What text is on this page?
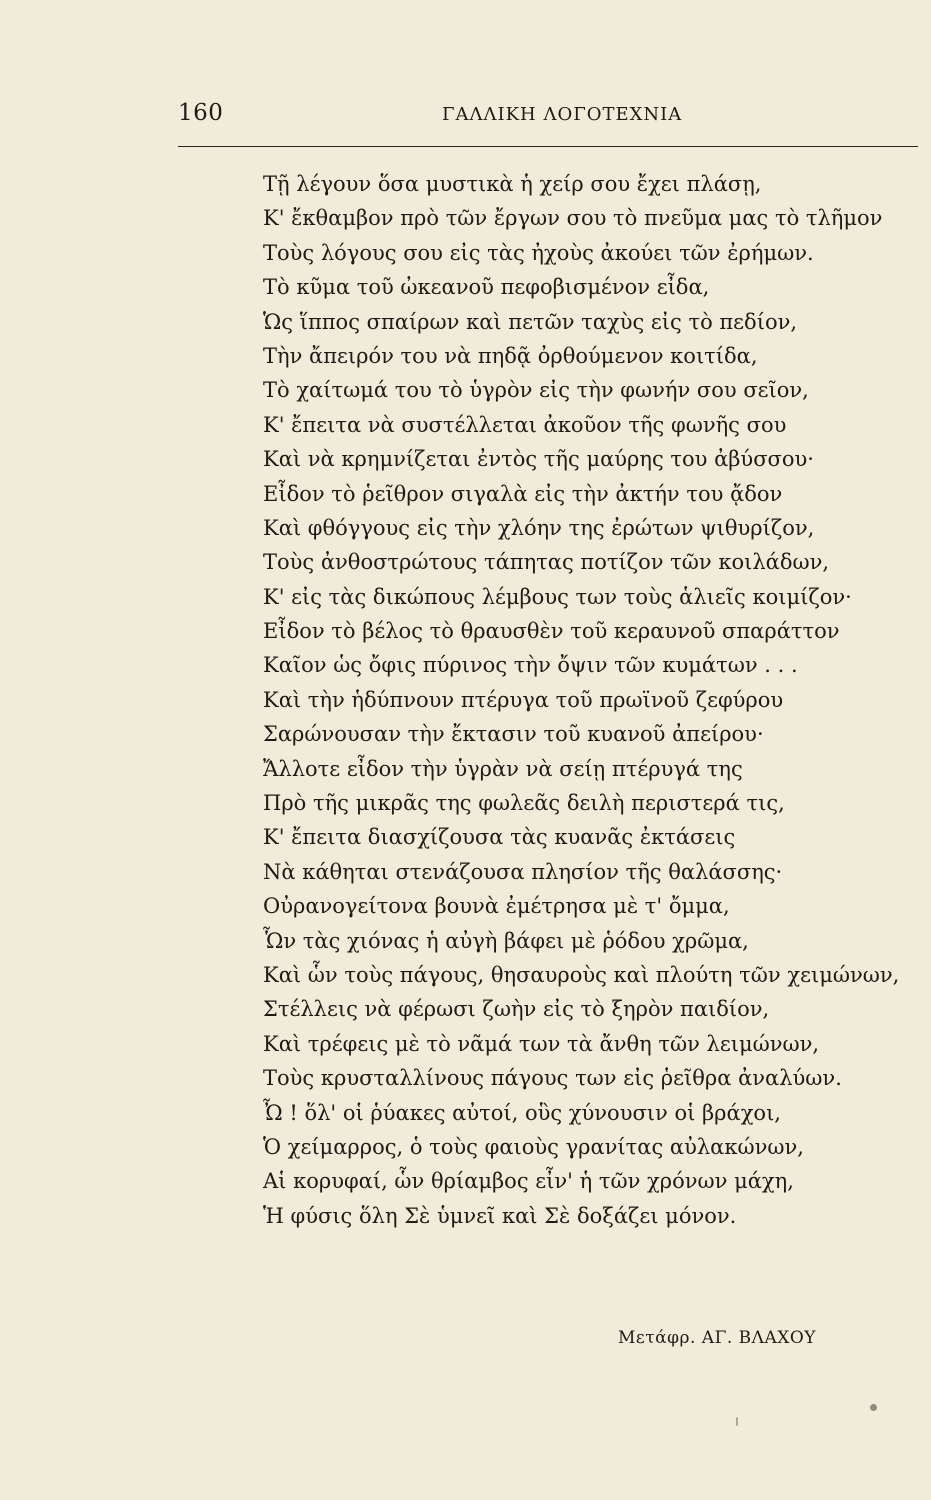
160	ΓΑΛΛΙΚΗ ΛΟΓΟΤΕΧΝΙΑ
Τῇ λέγουν ὅσα μυστικὰ ἡ χείρ σου ἔχει πλάσῃ,
Κ' ἔκθαμβον πρὸ τῶν ἔργων σου τὸ πνεῦμα μας τὸ τλῆμον
Τοὺς λόγους σου εἰς τὰς ἠχοὺς ἀκούει τῶν ἐρήμων.
Τὸ κῦμα τοῦ ὠκεανοῦ πεφοβισμένον εἶδα,
Ὡς ἵππος σπαίρων καὶ πετῶν ταχὺς εἰς τὸ πεδίον,
Τὴν ἄπειρόν του νὰ πηδᾷ ὀρθούμενον κοιτίδα,
Τὸ χαίτωμά του τὸ ὑγρὸν εἰς τὴν φωνήν σου σεῖον,
Κ' ἔπειτα νὰ συστέλλεται ἀκοῦον τῆς φωνῆς σου
Καὶ νὰ κρημνίζεται ἐντὸς τῆς μαύρης του ἀβύσσου·
Εἶδον τὸ ῥεῖθρον σιγαλὰ εἰς τὴν ἀκτήν του ᾄδον
Καὶ φθόγγους εἰς τὴν χλόην της ἐρώτων ψιθυρίζον,
Τοὺς ἀνθοστρώτους τάπητας ποτίζον τῶν κοιλάδων,
Κ' εἰς τὰς δικώπους λέμβους των τοὺς ἁλιεῖς κοιμίζον·
Εἶδον τὸ βέλος τὸ θραυσθὲν τοῦ κεραυνοῦ σπαράττον
Καῖον ὡς ὄφις πύρινος τὴν ὄψιν τῶν κυμάτων . . .
Καὶ τὴν ἡδύπνουν πτέρυγα τοῦ πρωϊνοῦ ζεφύρου
Σαρώνουσαν τὴν ἔκτασιν τοῦ κυανοῦ ἀπείρου·
Ἄλλοτε εἶδον τὴν ὑγρὰν νὰ σείῃ πτέρυγά της
Πρὸ τῆς μικρᾶς της φωλεᾶς δειλὴ περιστερά τις,
Κ' ἔπειτα διασχίζουσα τὰς κυανᾶς ἐκτάσεις
Νὰ κάθηται στενάζουσα πλησίον τῆς θαλάσσης·
Οὐρανογείτονα βουνὰ ἐμέτρησα μὲ τ' ὄμμα,
Ὧν τὰς χιόνας ἡ αὐγὴ βάφει μὲ ῥόδου χρῶμα,
Καὶ ὧν τοὺς πάγους, θησαυροὺς καὶ πλούτη τῶν χειμώνων,
Στέλλεις νὰ φέρωσι ζωὴν εἰς τὸ ξηρὸν παιδίον,
Καὶ τρέφεις μὲ τὸ νᾶμά των τὰ ἄνθη τῶν λειμώνων,
Τοὺς κρυσταλλίνους πάγους των εἰς ῥεῖθρα ἀναλύων.
Ὦ ! ὅλ' οἱ ῥύακες αὐτοί, οὓς χύνουσιν οἱ βράχοι,
Ὁ χείμαρρος, ὁ τοὺς φαιοὺς γρανίτας αὐλακώνων,
Αἱ κορυφαί, ὧν θρίαμβος εἶν' ἡ τῶν χρόνων μάχη,
Ἡ φύσις ὅλη Σὲ ὑμνεῖ καὶ Σὲ δοξάζει μόνον.
Μετάφρ. ΑΓ. ΒΛΑΧΟΥ
